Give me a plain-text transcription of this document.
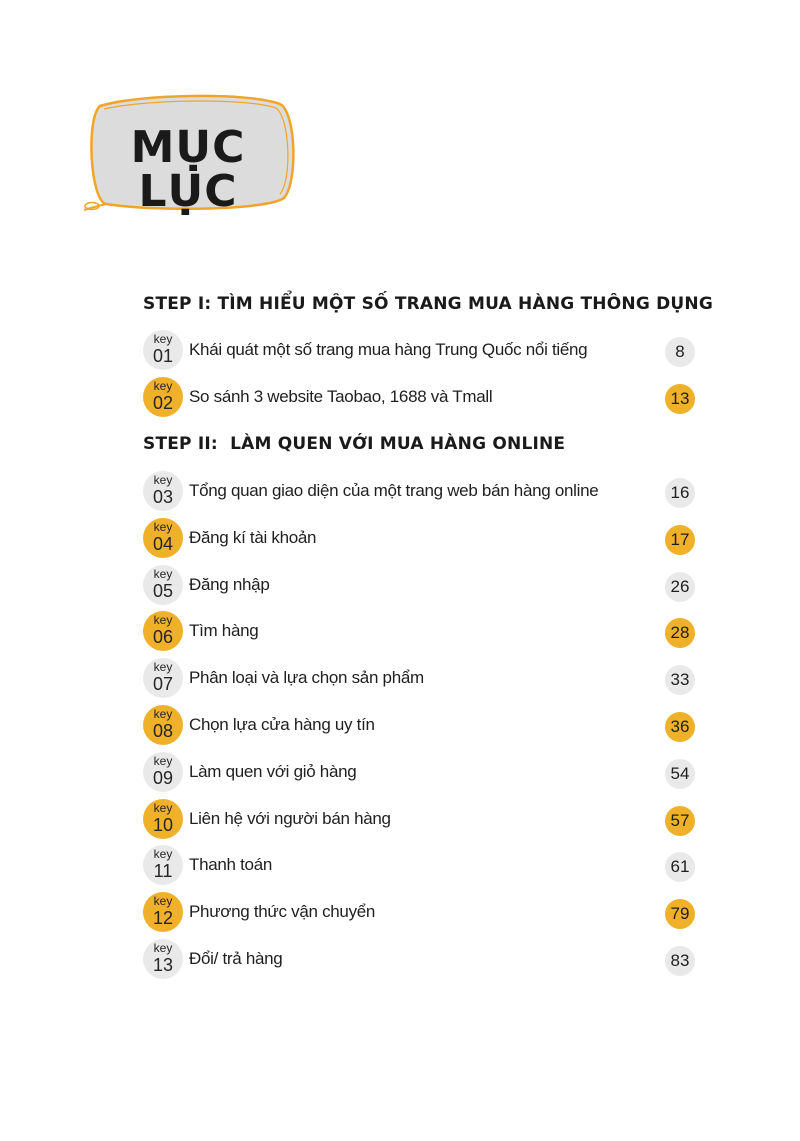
MỤC LỤC
STEP I: TÌM HIỂU MỘT SỐ TRANG MUA HÀNG THÔNG DỤNG
key
01 Khái quát một số trang mua hàng Trung Quốc nổi tiếng	8
key
02 So sánh 3 website Taobao, 1688 và Tmall	13
STEP II:  LÀM QUEN VỚI MUA HÀNG ONLINE
key
03 Tổng quan giao diện của một trang web bán hàng online	16
key
04 Đăng kí tài khoản	17
key
05 Đăng nhập	26
key
06 Tìm hàng	28
key
07 Phân loại và lựa chọn sản phẩm	33
key
08 Chọn lựa cửa hàng uy tín	36
key
09 Làm quen với giỏ hàng	54
key
10 Liên hệ với người bán hàng	57
key
11 Thanh toán	61
key
12 Phương thức vận chuyển	79
key
13 Đổi/ trả hàng	83
